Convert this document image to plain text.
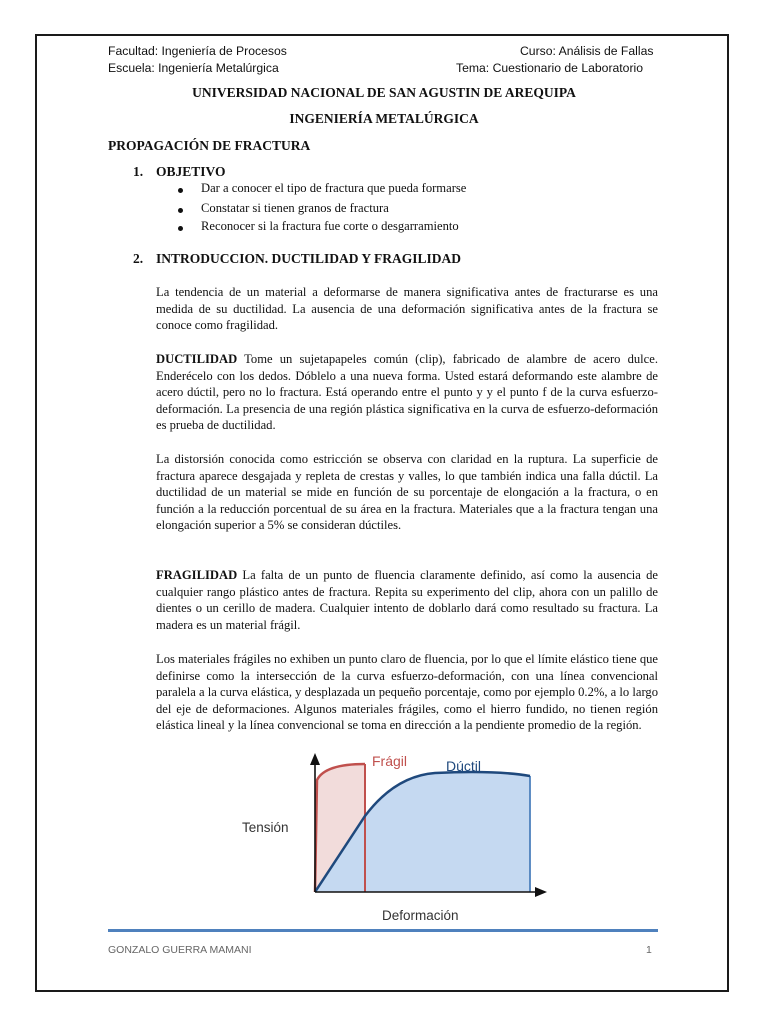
Facultad: Ingeniería de Procesos
Escuela: Ingeniería Metalúrgica
Curso: Análisis de Fallas
Tema: Cuestionario de Laboratorio
UNIVERSIDAD NACIONAL DE SAN AGUSTIN DE AREQUIPA
INGENIERÍA METALÚRGICA
PROPAGACIÓN DE FRACTURA
1. OBJETIVO
Dar a conocer el tipo de fractura que pueda formarse
Constatar si tienen granos de fractura
Reconocer si la fractura fue corte o desgarramiento
2. INTRODUCCION. DUCTILIDAD Y FRAGILIDAD

La tendencia de un material a deformarse de manera significativa antes de fracturarse es una medida de su ductilidad. La ausencia de una deformación significativa antes de la fractura se conoce como fragilidad.

DUCTILIDAD Tome un sujetapapeles común (clip), fabricado de alambre de acero dulce. Enderécelo con los dedos. Dóblelo a una nueva forma. Usted estará deformando este alambre de acero dúctil, pero no lo fractura. Está operando entre el punto y y el punto f de la curva esfuerzo-deformación. La presencia de una región plástica significativa en la curva de esfuerzo-deformación es prueba de ductilidad.

La distorsión conocida como estricción se observa con claridad en la ruptura. La superficie de fractura aparece desgajada y repleta de crestas y valles, lo que también indica una falla dúctil. La ductilidad de un material se mide en función de su porcentaje de elongación a la fractura, o en función a la reducción porcentual de su área en la fractura. Materiales que a la fractura tengan una elongación superior a 5% se consideran dúctiles.

FRAGILIDAD La falta de un punto de fluencia claramente definido, así como la ausencia de cualquier rango plástico antes de fractura. Repita su experimento del clip, ahora con un palillo de dientes o un cerillo de madera. Cualquier intento de doblarlo dará como resultado su fractura. La madera es un material frágil.

Los materiales frágiles no exhiben un punto claro de fluencia, por lo que el límite elástico tiene que definirse como la intersección de la curva esfuerzo-deformación, con una línea convencional paralela a la curva elástica, y desplazada un pequeño porcentaje, como por ejemplo 0.2%, a lo largo del eje de deformaciones. Algunos materiales frágiles, como el hierro fundido, no tienen región elástica lineal y la línea convencional se toma en dirección a la pendiente promedio de la región.

Tensión
Deformación
Frágil	Dúctil
GONZALO GUERRA MAMANI	1
